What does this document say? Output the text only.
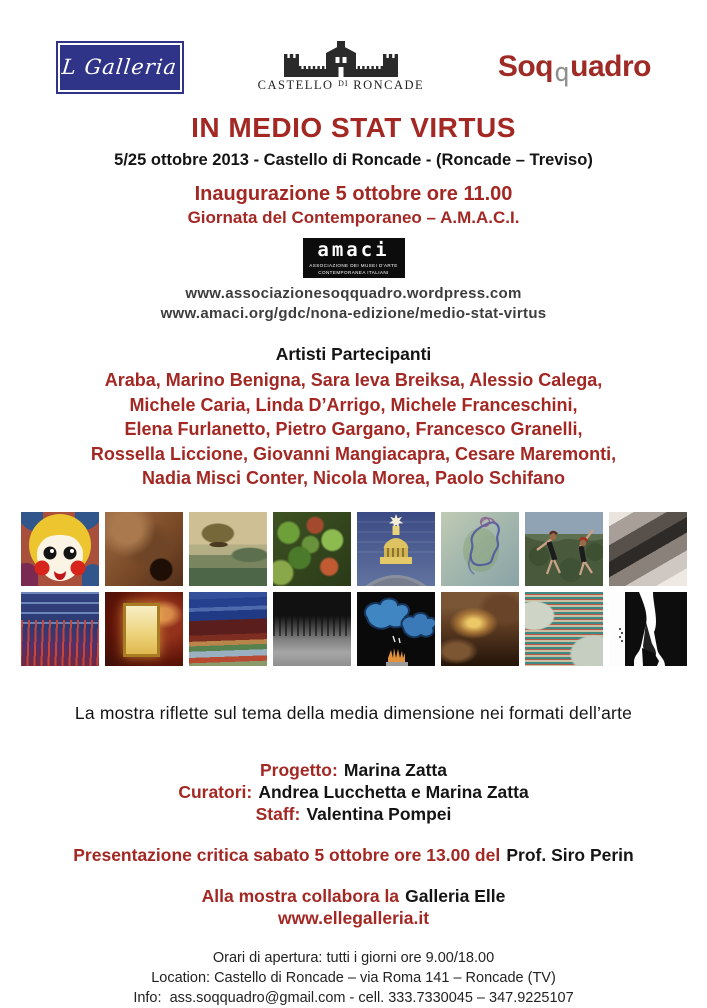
L Galleria
CASTELLO $^{DI}$ RONCADE
Soqquadro
IN MEDIO STAT VIRTUS
5/25 ottobre 2013 - Castello di Roncade - (Roncade – Treviso)
Inaugurazione 5 ottobre ore 11.00
Giornata del Contemporaneo – A.M.A.C.I.
amaci
ASSOCIAZIONE DEI MUSEI D'ARTE
CONTEMPORANEA ITALIANI
www.associazionesoqquadro.wordpress.com
www.amaci.org/gdc/nona-edizione/medio-stat-virtus
Artisti Partecipanti
Araba, Marino Benigna, Sara Ieva Breiksa, Alessio Calega,
Michele Caria, Linda D’Arrigo, Michele Franceschini,
Elena Furlanetto, Pietro Gargano, Francesco Granelli,
Rossella Liccione, Giovanni Mangiacapra, Cesare Maremonti,
Nadia Misci Conter, Nicola Morea, Paolo Schifano
La mostra riflette sul tema della media dimensione nei formati dell’arte
Progetto: Marina Zatta
Curatori: Andrea Lucchetta e Marina Zatta
Staff: Valentina Pompei
Presentazione critica sabato 5 ottobre ore 13.00 del Prof. Siro Perin
Alla mostra collabora la Galleria Elle
www.ellegalleria.it
Orari di apertura: tutti i giorni ore 9.00/18.00
Location: Castello di Roncade – via Roma 141 – Roncade (TV)
Info: ass.soqquadro@gmail.com - cell. 333.7330045 – 347.9225107
